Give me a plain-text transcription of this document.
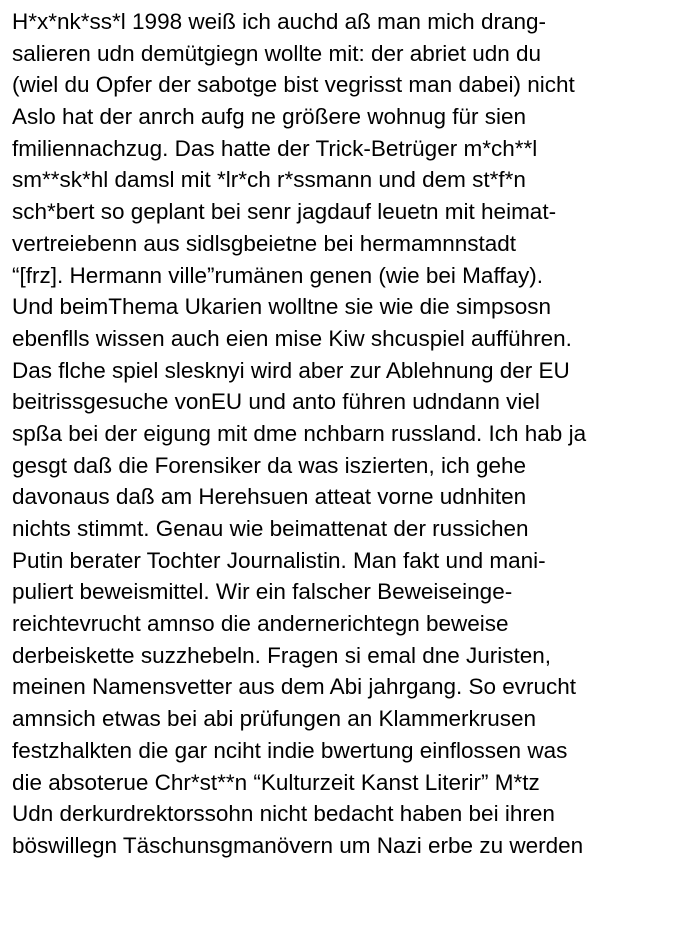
H*x*nk*ss*l 1998 weiß ich auchd aß man mich drang-
salieren udn demütgiegn wollte mit: der abriet udn du
(wiel du Opfer der sabotge bist vegrisst man dabei) nicht
Aslo hat der anrch aufg ne größere wohnug für sien
fmiliennachzug. Das hatte der Trick-Betrüger m*ch**l
sm**sk*hl damsl mit *lr*ch r*ssmann und dem st*f*n
sch*bert so geplant bei senr jagdauf leuetn mit heimat-
vertreiebenn aus sidlsgbeietne bei hermamnnstadt
“[frz]. Hermann ville”rumänen genen (wie bei Maffay).
Und beimThema Ukarien wolltne sie wie die simpsosn
ebenflls wissen auch eien mise Kiw shcuspiel aufführen.
Das flche spiel slesknyi wird aber zur Ablehnung der EU
beitrissgesuche vonEU und anto führen udndann viel
spßa bei der eigung mit dme nchbarn russland. Ich hab ja
gesgt daß die Forensiker da was iszierten, ich gehe
davonaus daß am Herehsuen atteat vorne udnhiten
nichts stimmt. Genau wie beimattenat der russichen
Putin berater Tochter Journalistin. Man fakt und mani-
puliert beweismittel. Wir ein falscher Beweiseinge-
reichtevrucht amnso die andernerichtegn beweise
derbeiskette suzzhebeln. Fragen si emal dne Juristen,
meinen Namensvetter aus dem Abi jahrgang. So evrucht
amnsich etwas bei abi prüfungen an Klammerkrusen
festzhalkten die gar nciht indie bwertung einflossen was
die absoterue Chr*st**n “Kulturzeit Kanst Literir” M*tz
Udn derkurdrektorssohn nicht bedacht haben bei ihren
böswillegn Täschunsgmanövern um Nazi erbe zu werden
